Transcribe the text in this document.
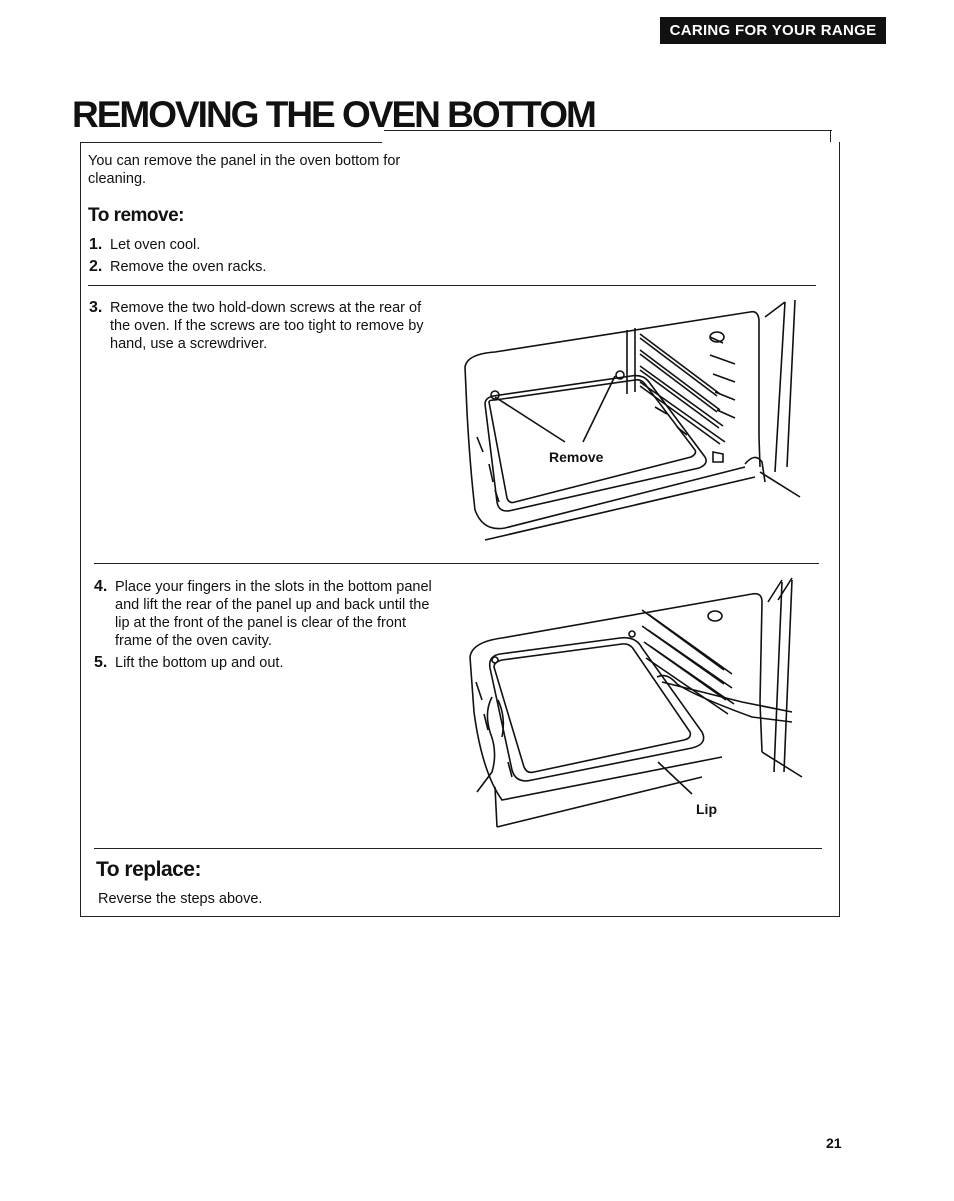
CARING FOR YOUR RANGE
REMOVING THE OVEN BOTTOM
You can remove the panel in the oven bottom for cleaning.
To remove:
1. Let oven cool.
2. Remove the oven racks.
3. Remove the two hold-down screws at the rear of the oven. If the screws are too tight to remove by hand, use a screwdriver.
Remove
4. Place your fingers in the slots in the bottom panel and lift the rear of the panel up and back until the lip at the front of the panel is clear of the front frame of the oven cavity.
5. Lift the bottom up and out.
Lip
To replace:
Reverse the steps above.
21
